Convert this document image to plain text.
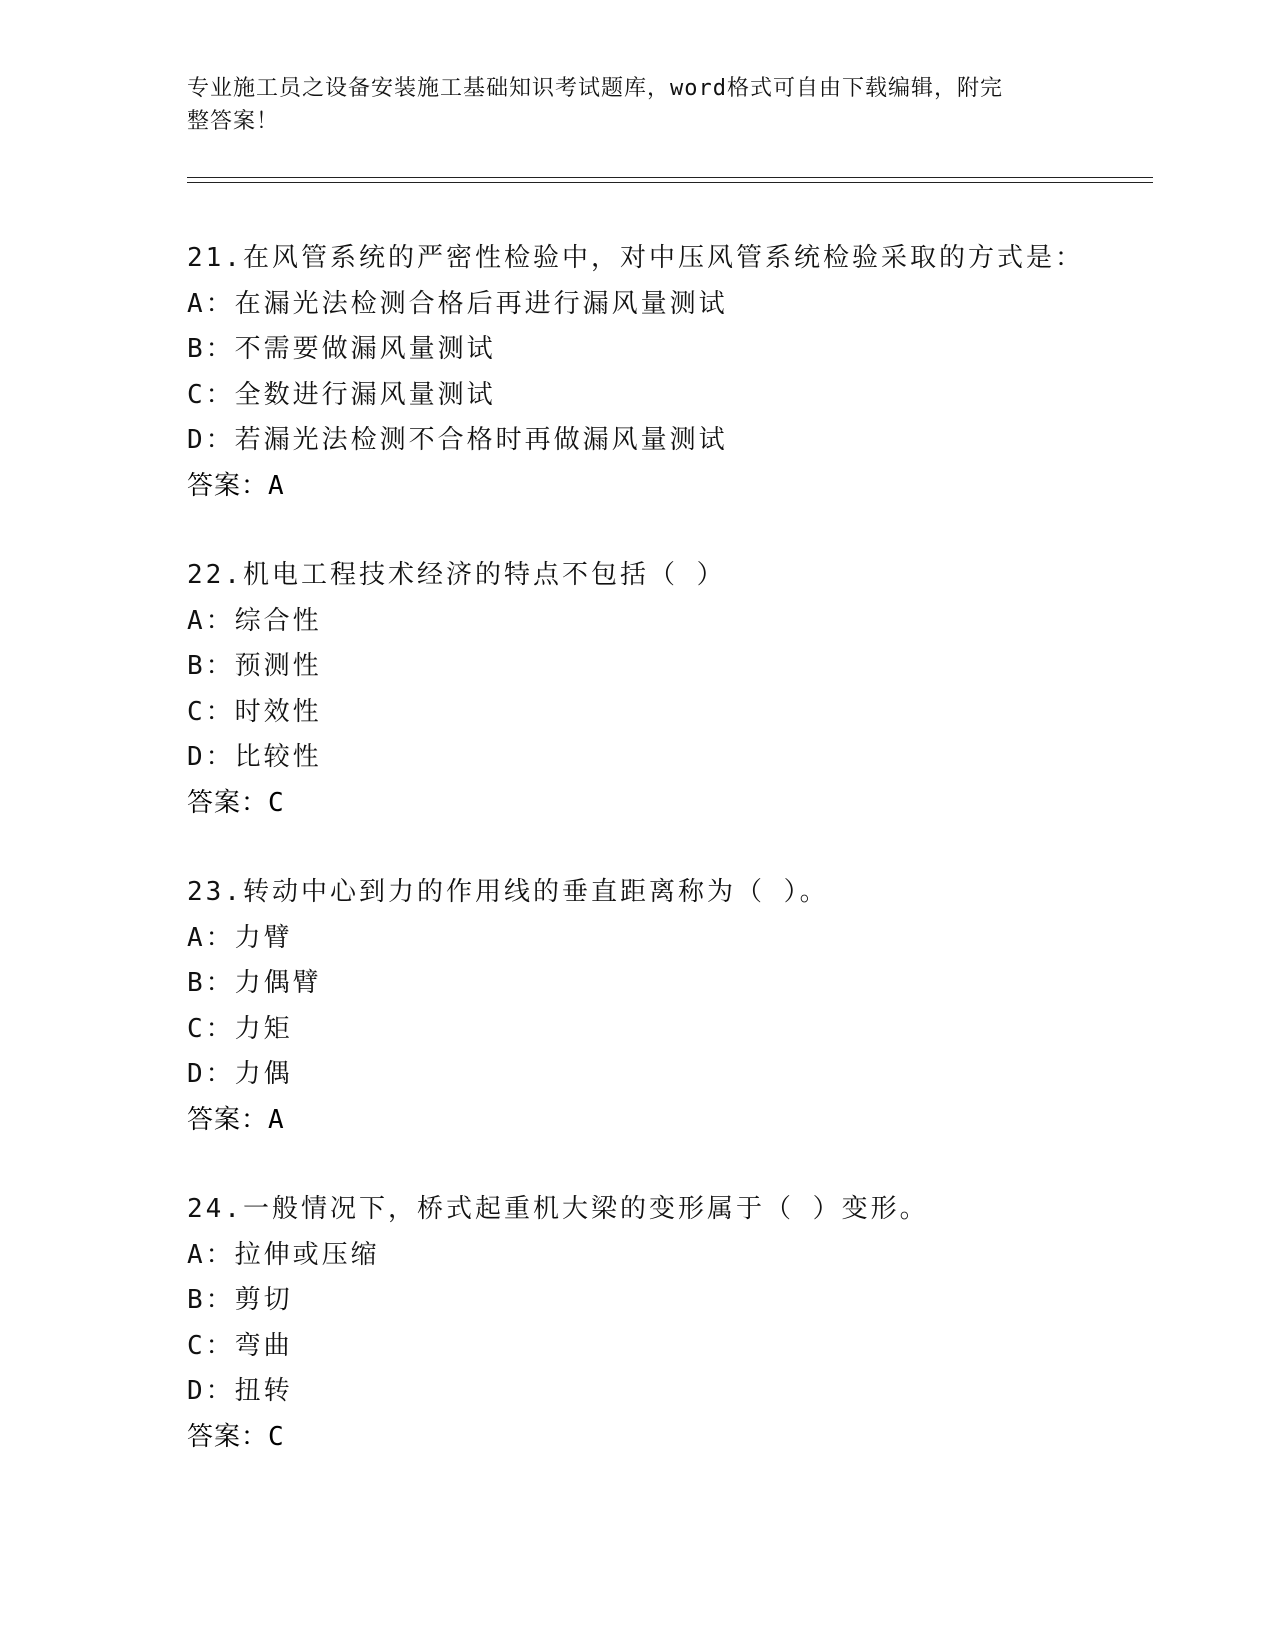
专业施工员之设备安装施工基础知识考试题库，word格式可自由下载编辑，附完
整答案！
21.在风管系统的严密性检验中，对中压风管系统检验采取的方式是：
A：在漏光法检测合格后再进行漏风量测试
B：不需要做漏风量测试
C：全数进行漏风量测试
D：若漏光法检测不合格时再做漏风量测试
答案：A
22.机电工程技术经济的特点不包括（ ）
A：综合性
B：预测性
C：时效性
D：比较性
答案：C
23.转动中心到力的作用线的垂直距离称为（ ）。
A：力臂
B：力偶臂
C：力矩
D：力偶
答案：A
24.一般情况下，桥式起重机大梁的变形属于（ ）变形。
A：拉伸或压缩
B：剪切
C：弯曲
D：扭转
答案：C
